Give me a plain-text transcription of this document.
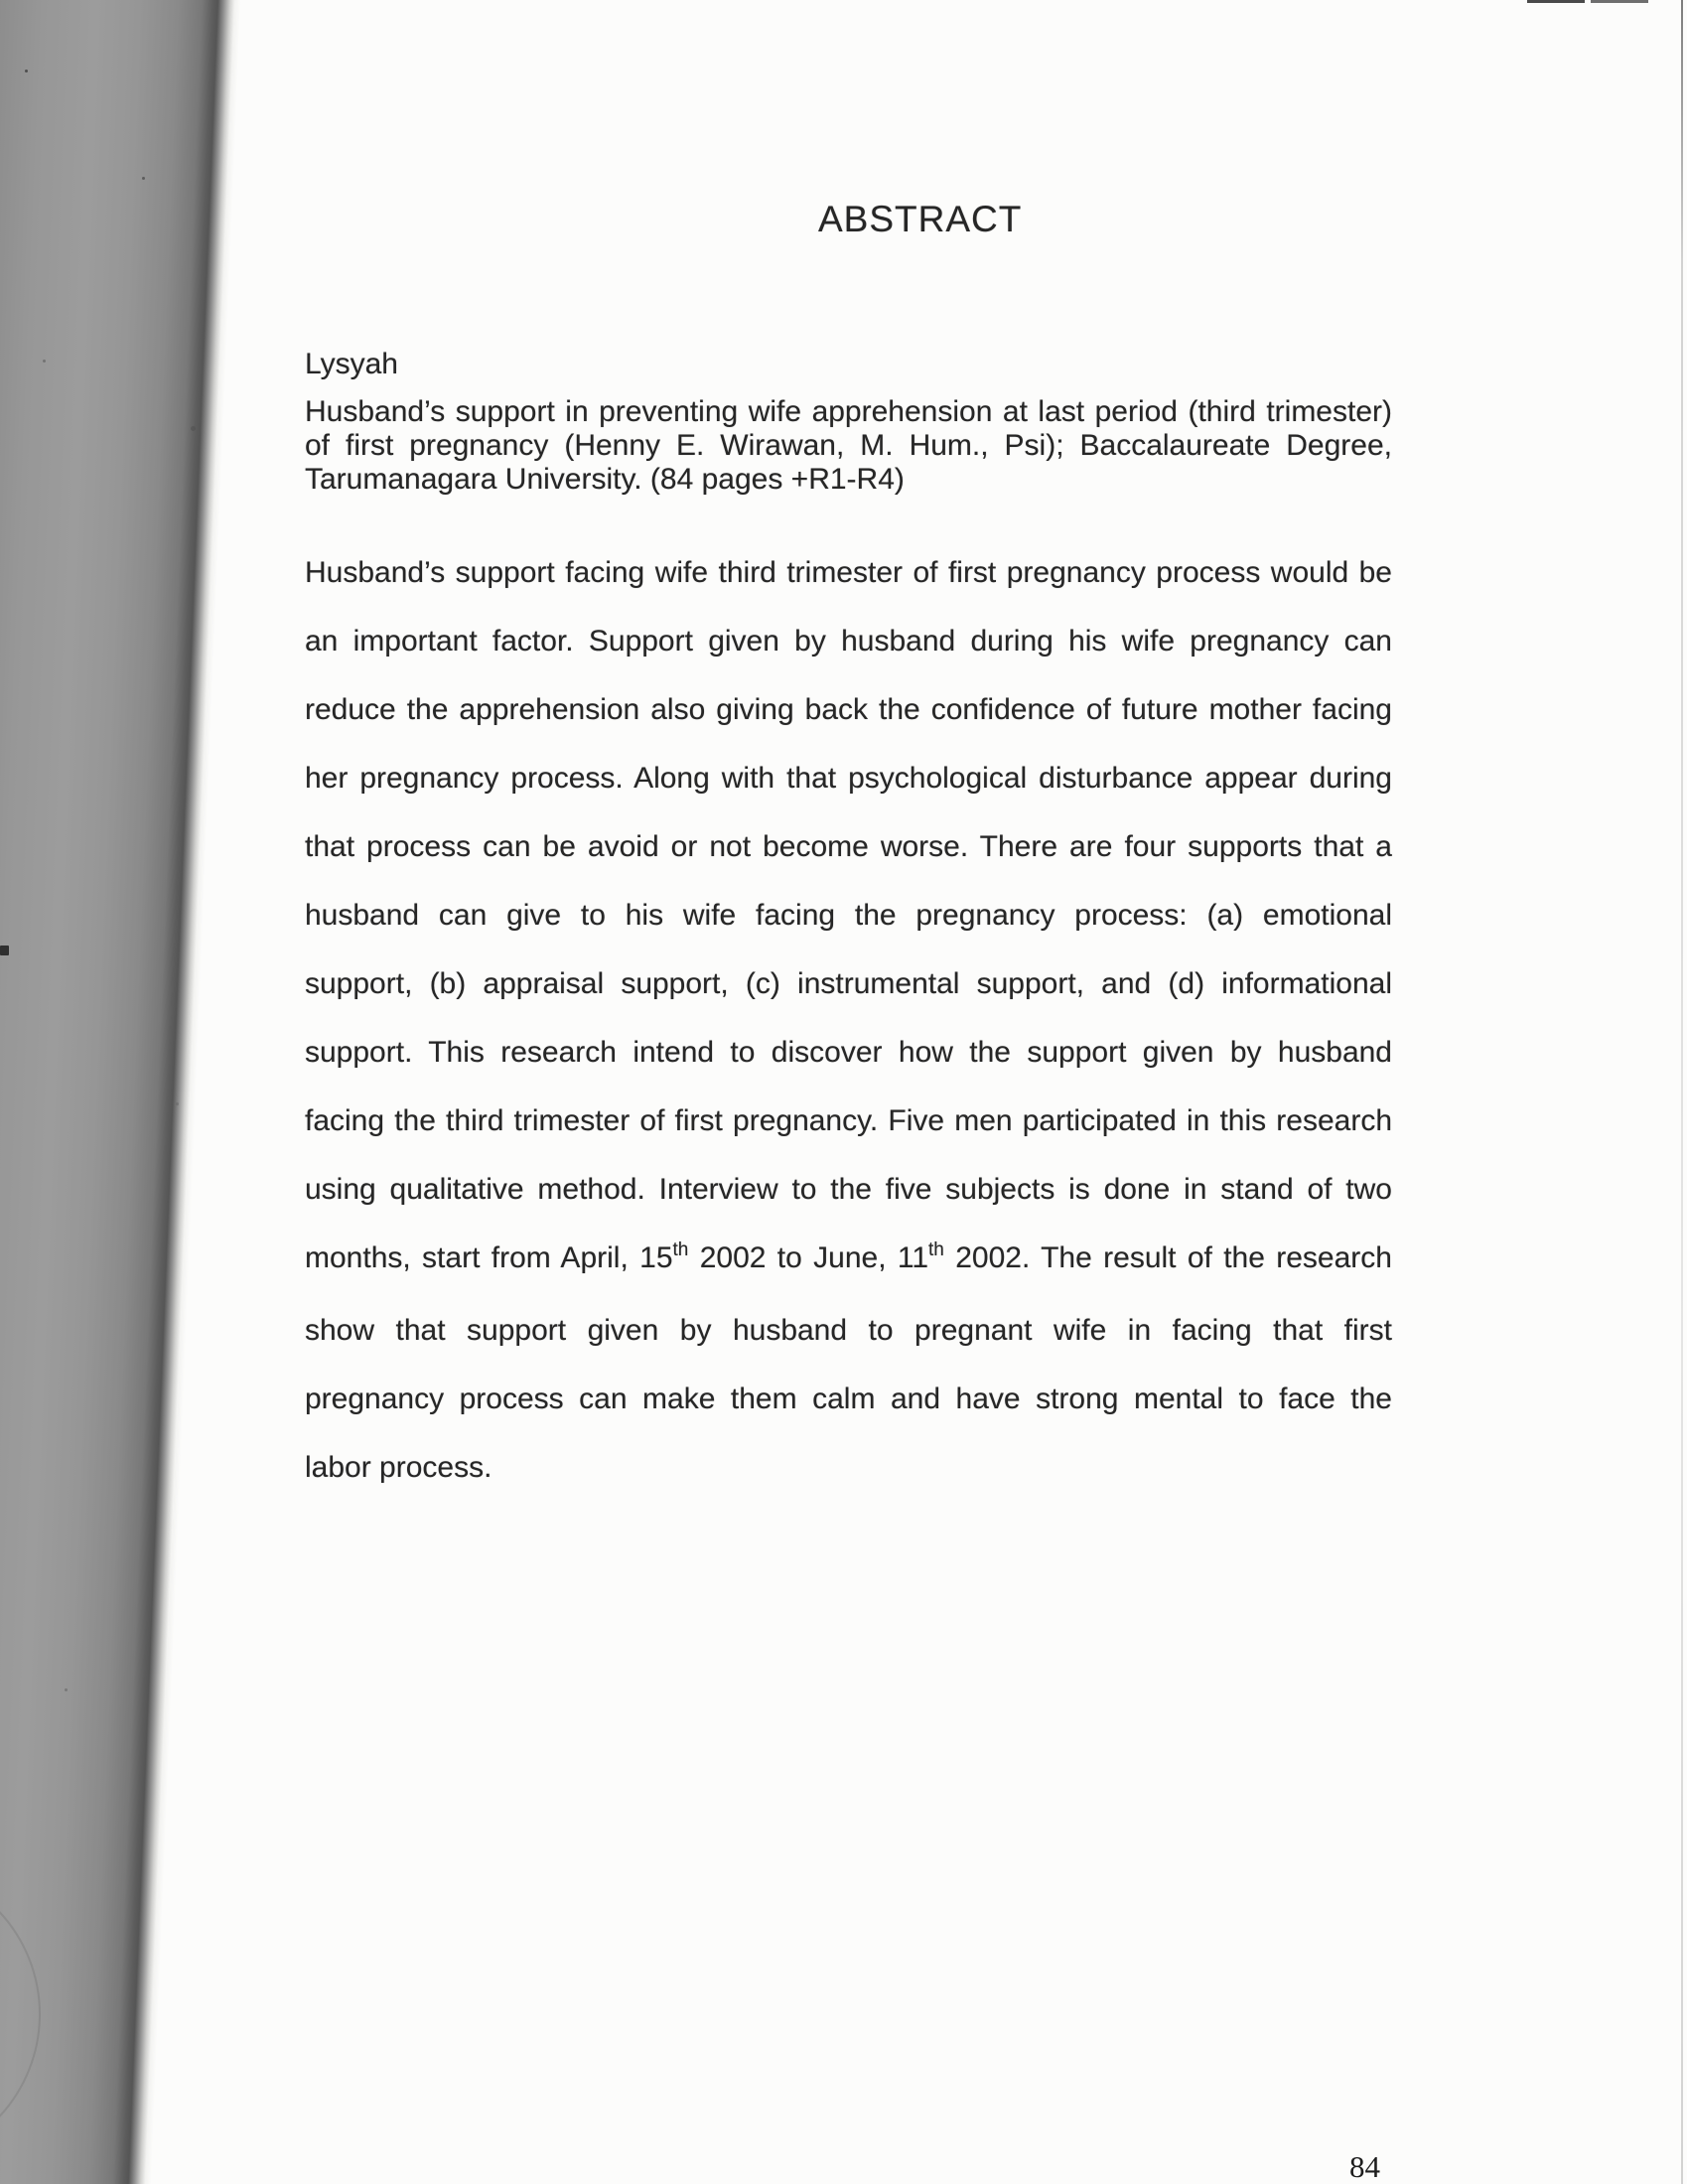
ABSTRACT
Lysyah
Husband’s support in preventing wife apprehension at last period (third trimester)
of first pregnancy (Henny E. Wirawan, M. Hum., Psi); Baccalaureate Degree,
Tarumanagara University. (84 pages +R1-R4)
Husband’s support facing wife third trimester of first pregnancy process would be
an important factor. Support given by husband during his wife pregnancy can
reduce the apprehension also giving back the confidence of future mother facing
her pregnancy process. Along with that psychological disturbance appear during
that process can be avoid or not become worse. There are four supports that a
husband can give to his wife facing the pregnancy process: (a) emotional
support, (b) appraisal support, (c) instrumental support, and (d) informational
support. This research intend to discover how the support given by husband
facing the third trimester of first pregnancy. Five men participated in this research
using qualitative method. Interview to the five subjects is done in stand of two
months, start from April, 15th 2002 to June, 11th 2002. The result of the research
show that support given by husband to pregnant wife in facing that first
pregnancy process can make them calm and have strong mental to face the
labor process.
84
